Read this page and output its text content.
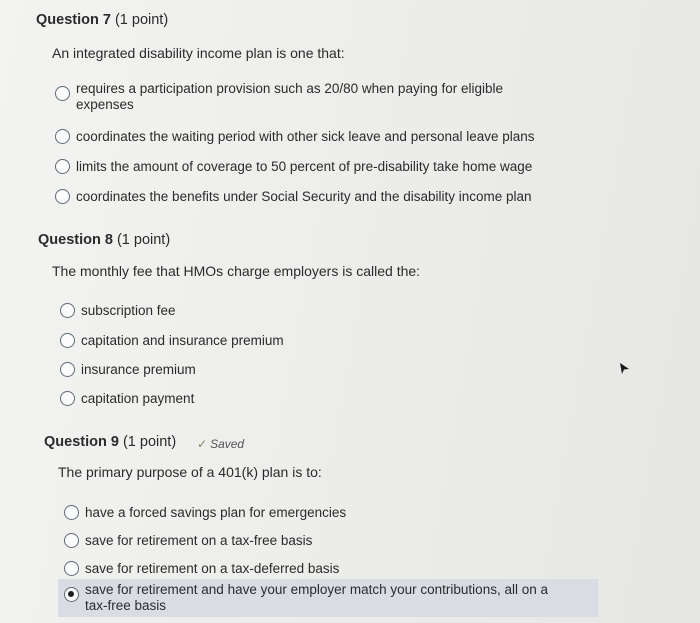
Question 7 (1 point)
An integrated disability income plan is one that:
requires a participation provision such as 20/80 when paying for eligible
expenses
coordinates the waiting period with other sick leave and personal leave plans
limits the amount of coverage to 50 percent of pre-disability take home wage
coordinates the benefits under Social Security and the disability income plan
Question 8 (1 point)
The monthly fee that HMOs charge employers is called the:
subscription fee
capitation and insurance premium
insurance premium
capitation payment
Question 9 (1 point) ✓ Saved
The primary purpose of a 401(k) plan is to:
have a forced savings plan for emergencies
save for retirement on a tax-free basis
save for retirement on a tax-deferred basis
save for retirement and have your employer match your contributions, all on a
tax-free basis
